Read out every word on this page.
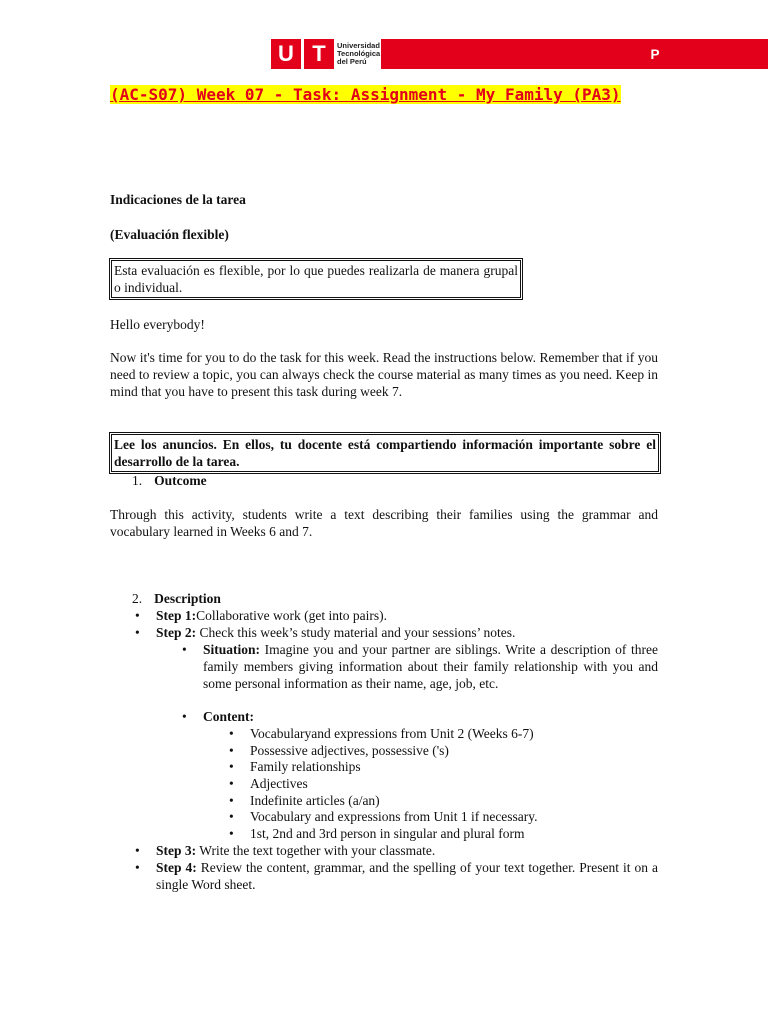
U T	P
Universidad
Tecnológica
del Perú
(AC-S07) Week 07 - Task: Assignment - My Family (PA3)

Indicaciones de la tarea

(Evaluación flexible)

Esta evaluación es flexible, por lo que puedes realizarla de manera grupal o individual.

Hello everybody!

Now it's time for you to do the task for this week. Read the instructions below. Remember that if you need to review a topic, you can always check the course material as many times as you need. Keep in mind that you have to present this task during week 7.

Lee los anuncios. En ellos, tu docente está compartiendo información importante sobre el desarrollo de la tarea.
1. Outcome

Through this activity, students write a text describing their families using the grammar and vocabulary learned in Weeks 6 and 7.

2. Description
• Step 1:Collaborative work (get into pairs).
• Step 2: Check this week’s study material and your sessions’ notes.
• Situation: Imagine you and your partner are siblings. Write a description of three family members giving information about their family relationship with you and some personal information as their name, age, job, etc.
• Content:
• Vocabularyand expressions from Unit 2 (Weeks 6-7)
• Possessive adjectives, possessive ('s)
• Family relationships
• Adjectives
• Indefinite articles (a/an)
• Vocabulary and expressions from Unit 1 if necessary.
• 1st, 2nd and 3rd person in singular and plural form
• Step 3: Write the text together with your classmate.
• Step 4: Review the content, grammar, and the spelling of your text together. Present it on a single Word sheet.
